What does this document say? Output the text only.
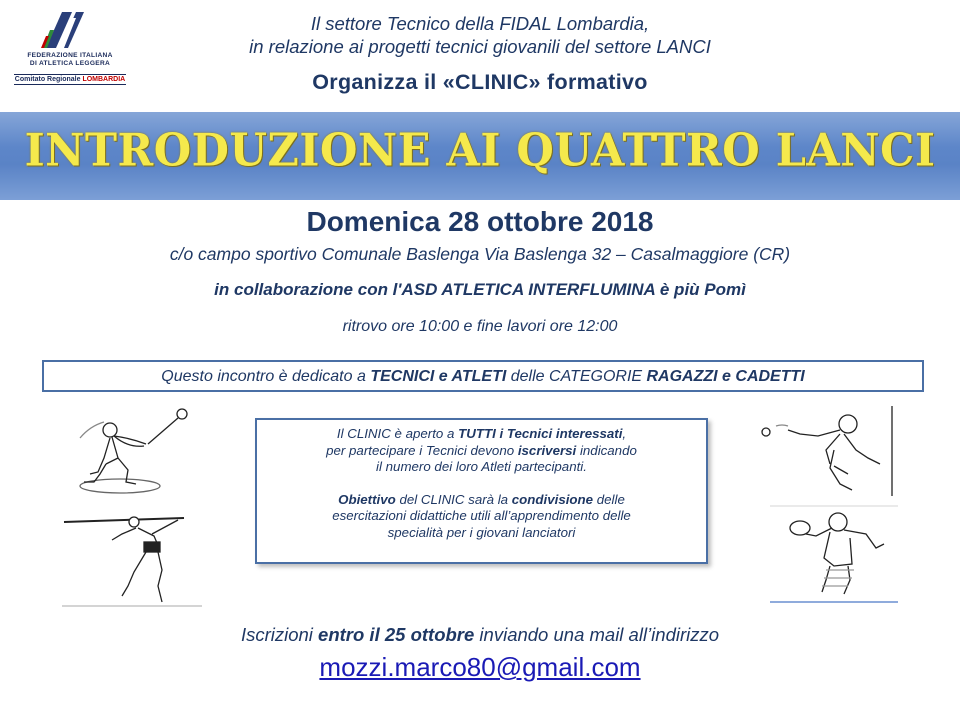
FEDERAZIONE ITALIANA
DI ATLETICA LEGGERA
Comitato Regionale LOMBARDIA
Il settore Tecnico della FIDAL Lombardia,
in relazione ai progetti tecnici giovanili del settore LANCI
Organizza il «CLINIC» formativo
INTRODUZIONE AI QUATTRO LANCI
Domenica 28 ottobre 2018
c/o campo sportivo Comunale Baslenga Via Baslenga 32 – Casalmaggiore (CR)
in collaborazione con l'ASD ATLETICA INTERFLUMINA è più Pomì
ritrovo ore 10:00 e fine lavori ore 12:00
Questo incontro è dedicato a TECNICI e ATLETI delle CATEGORIE RAGAZZI e CADETTI

Il CLINIC è aperto a TUTTI i Tecnici interessati,

per partecipare i Tecnici devono iscriversi indicando

il numero dei loro Atleti partecipanti.

Obiettivo del CLINIC sarà la condivisione delle

esercitazioni didattiche utili all’apprendimento delle

specialità per i giovani lanciatori

Iscrizioni entro il 25 ottobre inviando una mail all’indirizzo
mozzi.marco80@gmail.com
